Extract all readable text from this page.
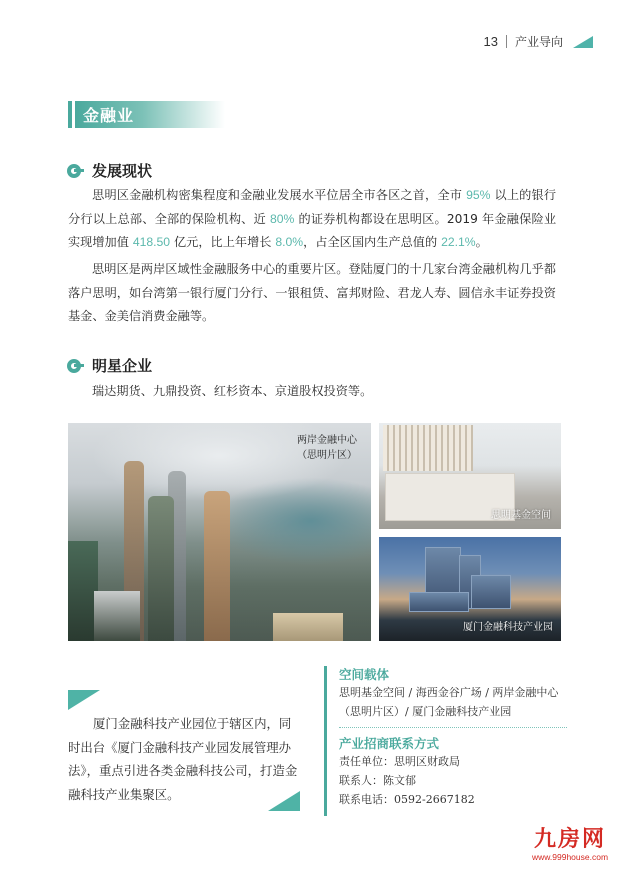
13 产业导向
金融业
发展现状

思明区金融机构密集程度和金融业发展水平位居全市各区之首，全市 95% 以上的银行分行以上总部、全部的保险机构、近 80% 的证券机构都设在思明区。2019 年金融保险业实现增加值 418.50 亿元，比上年增长 8.0%，占全区国内生产总值的 22.1%。

思明区是两岸区域性金融服务中心的重要片区。登陆厦门的十几家台湾金融机构几乎都落户思明，如台湾第一银行厦门分行、一银租赁、富邦财险、君龙人寿、圆信永丰证券投资基金、金美信消费金融等。

明星企业
瑞达期货、九鼎投资、红杉资本、京道股权投资等。
两岸金融中心
（思明片区）
思明基金空间
厦门金融科技产业园

厦门金融科技产业园位于辖区内，同时出台《厦门金融科技产业园发展管理办法》，重点引进各类金融科技公司，打造金融科技产业集聚区。

空间载体
思明基金空间 / 海西金谷广场 / 两岸金融中心（思明片区）/ 厦门金融科技产业园
产业招商联系方式
责任单位：思明区财政局
联系人：陈文郁
联系电话：0592-2667182
九房网
www.999house.com
